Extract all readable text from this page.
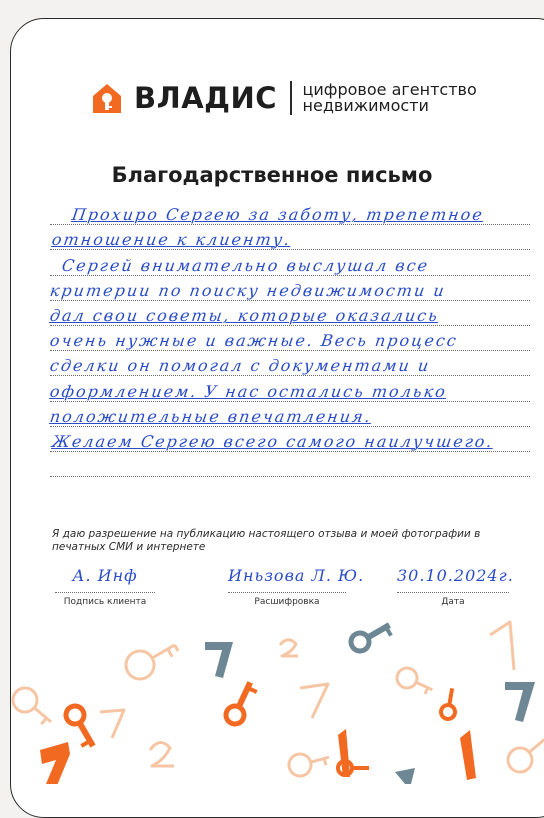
ВЛАДИС цифровое агентство
недвижимости
Благодарственное письмо
Прохиро Сергею за заботу, трепетное
отношение к клиенту.
Сергей внимательно выслушал все
критерии по поиску недвижимости и
дал свои советы, которые оказались
очень нужные и важные. Весь процесс
сделки он помогал с документами и
оформлением. У нас остались только
положительные впечатления.
Желаем Сергею всего самого наилучшего.
Я даю разрешение на публикацию настоящего отзыва и моей фотографии в печатных СМИ и интернете
А. Инф
Подпись клиента
Иньзова Л. Ю.
Расшифровка
30.10.2024г.
Дата
